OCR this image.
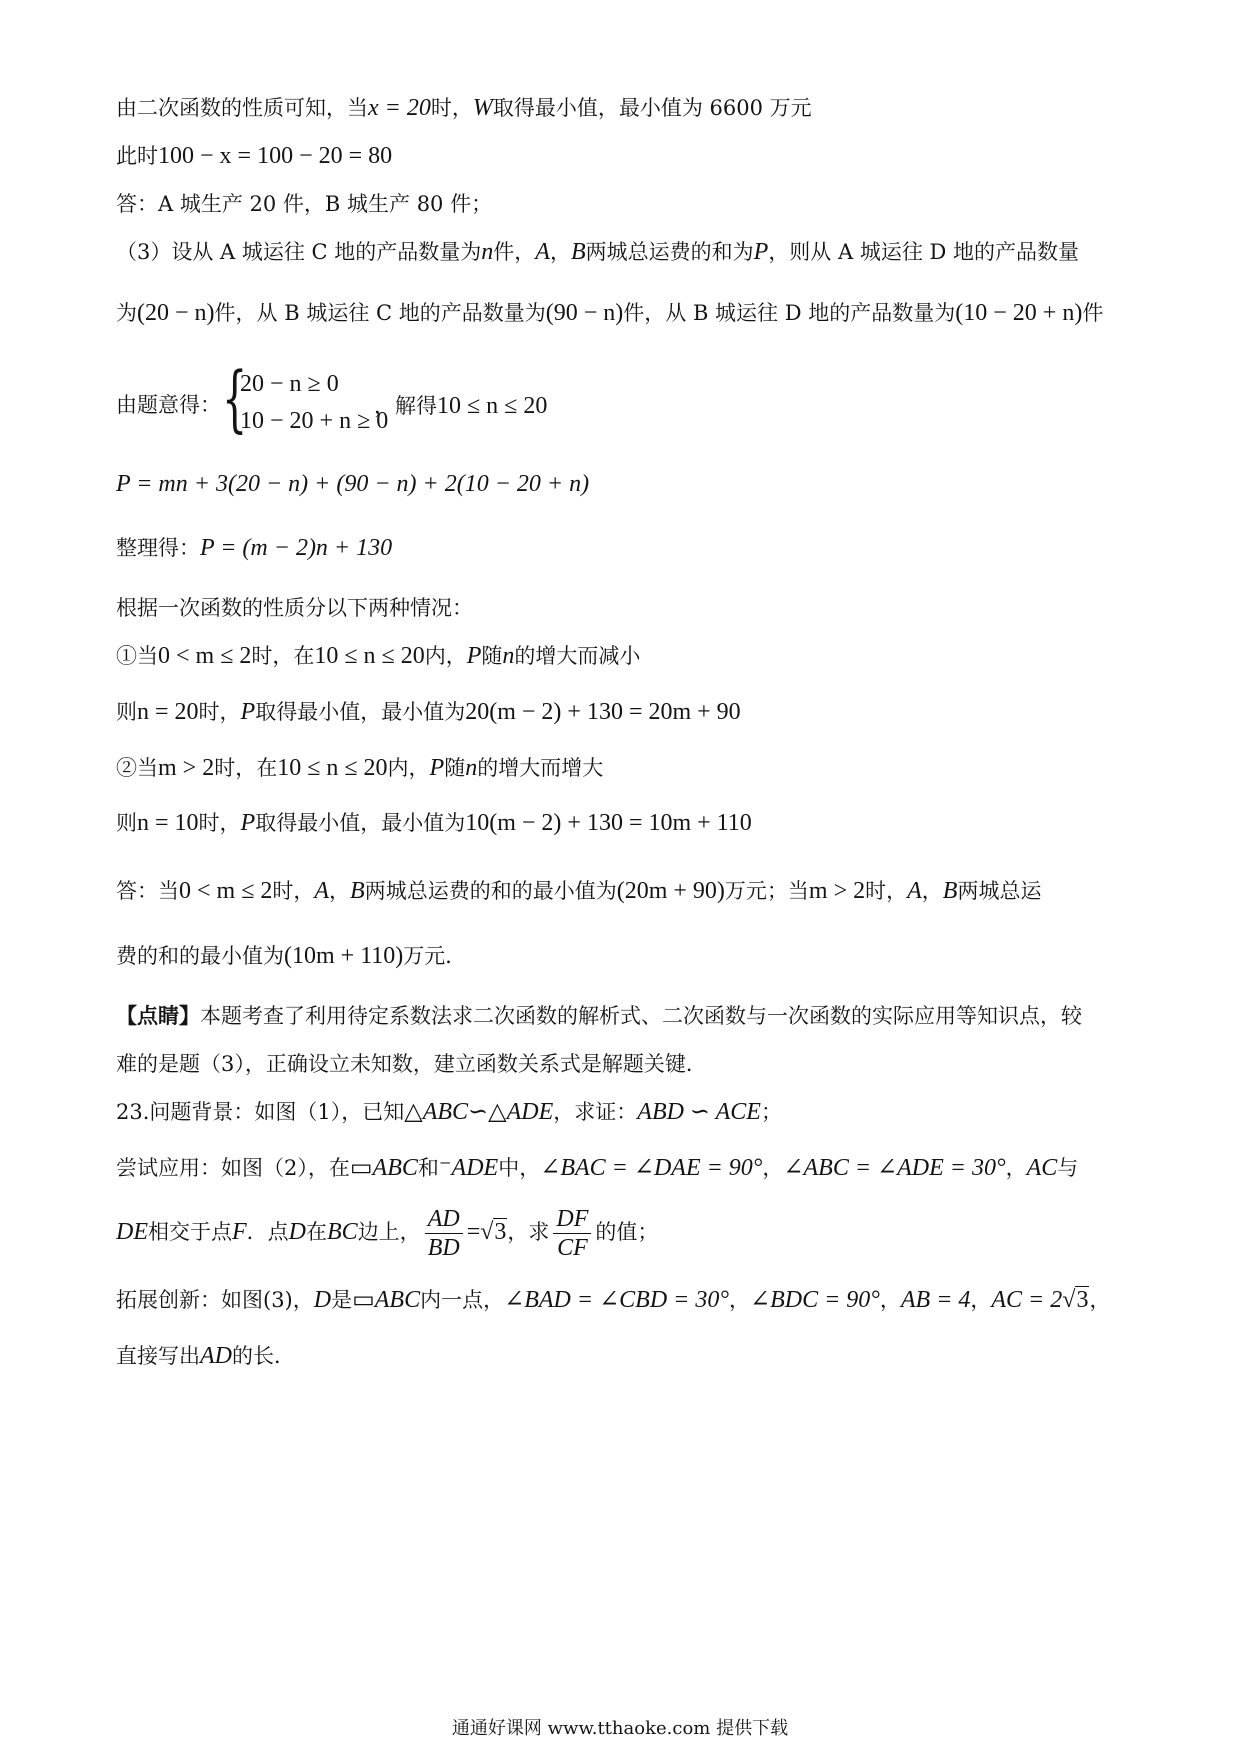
由二次函数的性质可知，当x = 20时，W取得最小值，最小值为 6600 万元
此时100 − x = 100 − 20 = 80
答：A 城生产 20 件，B 城生产 80 件；
（3）设从 A 城运往 C 地的产品数量为n件，A，B两城总运费的和为P，则从 A 城运往 D 地的产品数量
为(20 − n)件，从 B 城运往 C 地的产品数量为(90 − n)件，从 B 城运往 D 地的产品数量为(10 − 20 + n)件
由题意得： {
20 − n ≥ 0
10 − 20 + n ≥ 0
，解得10 ≤ n ≤ 20
P = mn + 3(20 − n) + (90 − n) + 2(10 − 20 + n)
整理得：P = (m − 2)n + 130
根据一次函数的性质分以下两种情况：
①当0 < m ≤ 2时，在10 ≤ n ≤ 20内，P随n的增大而减小
则n = 20时，P取得最小值，最小值为20(m − 2) + 130 = 20m + 90
②当m > 2时，在10 ≤ n ≤ 20内，P随n的增大而增大
则n = 10时，P取得最小值，最小值为10(m − 2) + 130 = 10m + 110
答：当0 < m ≤ 2时，A，B两城总运费的和的最小值为(20m + 90)万元；当m > 2时，A，B两城总运
费的和的最小值为(10m + 110)万元．
【点睛】本题考查了利用待定系数法求二次函数的解析式、二次函数与一次函数的实际应用等知识点，较
难的是题（3），正确设立未知数，建立函数关系式是解题关键．
23.问题背景：如图（1），已知△ABC∽△ADE，求证：ABD ∽ ACE；
尝试应用：如图（2），在▭ABC和⁻ADE中，∠BAC = ∠DAE = 90°，∠ABC = ∠ADE = 30°，AC与
DE相交于点F．点D在BC边上， $\frac{AD}{BD} =√3$，求 $\frac{DF}{CF}$ 的值；
拓展创新：如图(3)，D是▭ABC内一点，∠BAD = ∠CBD = 30°，∠BDC = 90°，AB = 4，AC = 2√3，
直接写出AD的长．
通通好课网 www.tthaoke.com 提供下载
